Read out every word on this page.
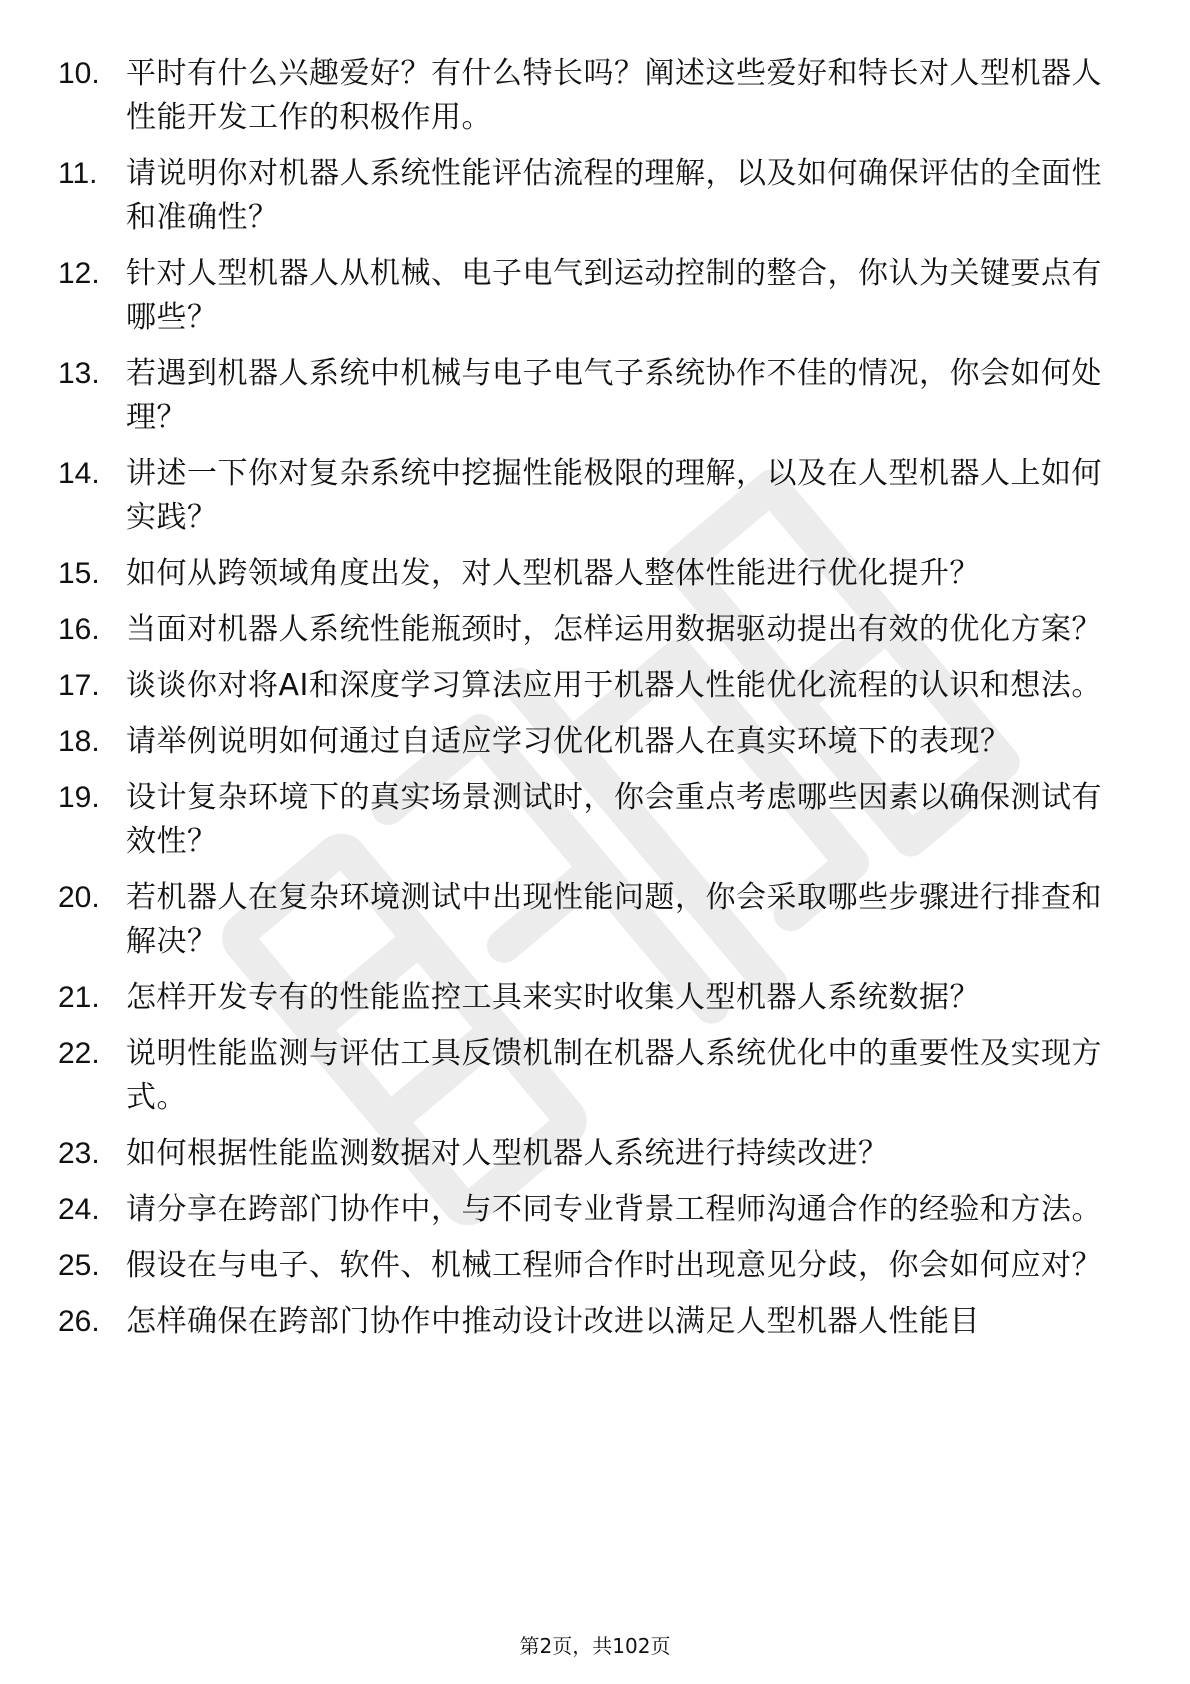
10. 平时有什么兴趣爱好？有什么特长吗？阐述这些爱好和特长对人型机器人性能开发工作的积极作用。
11. 请说明你对机器人系统性能评估流程的理解，以及如何确保评估的全面性和准确性？
12. 针对人型机器人从机械、电子电气到运动控制的整合，你认为关键要点有哪些？
13. 若遇到机器人系统中机械与电子电气子系统协作不佳的情况，你会如何处理？
14. 讲述一下你对复杂系统中挖掘性能极限的理解，以及在人型机器人上如何实践？
15. 如何从跨领域角度出发，对人型机器人整体性能进行优化提升？
16. 当面对机器人系统性能瓶颈时，怎样运用数据驱动提出有效的优化方案？
17. 谈谈你对将AI和深度学习算法应用于机器人性能优化流程的认识和想法。
18. 请举例说明如何通过自适应学习优化机器人在真实环境下的表现？
19. 设计复杂环境下的真实场景测试时，你会重点考虑哪些因素以确保测试有效性？
20. 若机器人在复杂环境测试中出现性能问题，你会采取哪些步骤进行排查和解决？
21. 怎样开发专有的性能监控工具来实时收集人型机器人系统数据？
22. 说明性能监测与评估工具反馈机制在机器人系统优化中的重要性及实现方式。
23. 如何根据性能监测数据对人型机器人系统进行持续改进？
24. 请分享在跨部门协作中，与不同专业背景工程师沟通合作的经验和方法。
25. 假设在与电子、软件、机械工程师合作时出现意见分歧，你会如何应对？
26. 怎样确保在跨部门协作中推动设计改进以满足人型机器人性能目
第2页，共102页
